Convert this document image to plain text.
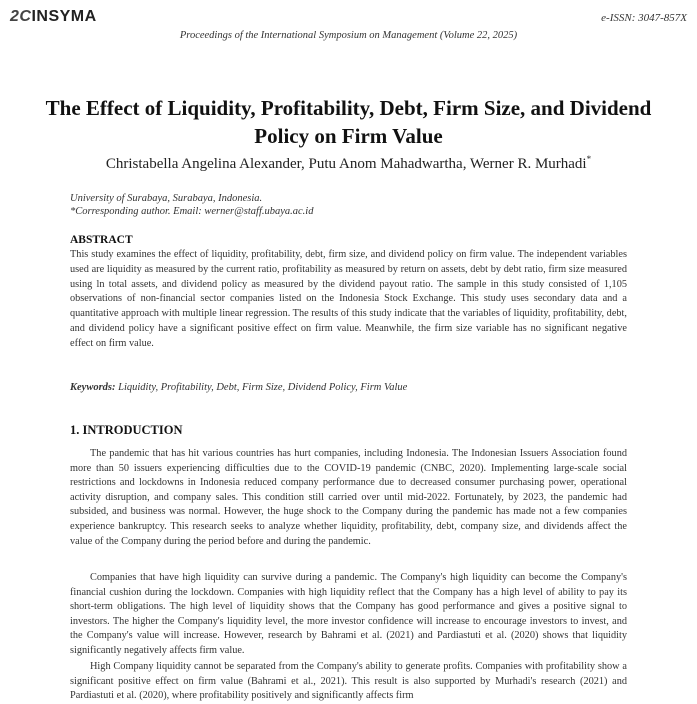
2CINSYMA	e-ISSN: 3047-857X
Proceedings of the International Symposium on Management (Volume 22, 2025)
The Effect of Liquidity, Profitability, Debt, Firm Size, and Dividend Policy on Firm Value
Christabella Angelina Alexander, Putu Anom Mahadwartha, Werner R. Murhadi*
University of Surabaya, Surabaya, Indonesia.
*Corresponding author. Email: werner@staff.ubaya.ac.id
ABSTRACT

This study examines the effect of liquidity, profitability, debt, firm size, and dividend policy on firm value. The independent variables used are liquidity as measured by the current ratio, profitability as measured by return on assets, debt by debt ratio, firm size measured using ln total assets, and dividend policy as measured by the dividend payout ratio. The sample in this study consisted of 1,105 observations of non-financial sector companies listed on the Indonesia Stock Exchange. This study uses secondary data and a quantitative approach with multiple linear regression. The results of this study indicate that the variables of liquidity, profitability, debt, and dividend policy have a significant positive effect on firm value. Meanwhile, the firm size variable has no significant negative effect on firm value.

Keywords: Liquidity, Profitability, Debt, Firm Size, Dividend Policy, Firm Value
1. INTRODUCTION

The pandemic that has hit various countries has hurt companies, including Indonesia. The Indonesian Issuers Association found more than 50 issuers experiencing difficulties due to the COVID-19 pandemic (CNBC, 2020). Implementing large-scale social restrictions and lockdowns in Indonesia reduced company performance due to decreased consumer purchasing power, operational activity disruption, and company sales. This condition still carried over until mid-2022. Fortunately, by 2023, the pandemic had subsided, and business was normal. However, the huge shock to the Company during the pandemic has made not a few companies experience bankruptcy. This research seeks to analyze whether liquidity, profitability, debt, company size, and dividends affect the value of the Company during the period before and during the pandemic.

Companies that have high liquidity can survive during a pandemic. The Company's high liquidity can become the Company's financial cushion during the lockdown. Companies with high liquidity reflect that the Company has a high level of ability to pay its short-term obligations. The high level of liquidity shows that the Company has good performance and gives a positive signal to investors. The higher the Company's liquidity level, the more investor confidence will increase to encourage investors to invest, and the Company's value will increase. However, research by Bahrami et al. (2021) and Pardiastuti et al. (2020) shows that liquidity significantly negatively affects firm value.

High Company liquidity cannot be separated from the Company's ability to generate profits. Companies with profitability show a significant positive effect on firm value (Bahrami et al., 2021). This result is also supported by Murhadi's research (2021) and Pardiastuti et al. (2020), where profitability positively and significantly affects firm
